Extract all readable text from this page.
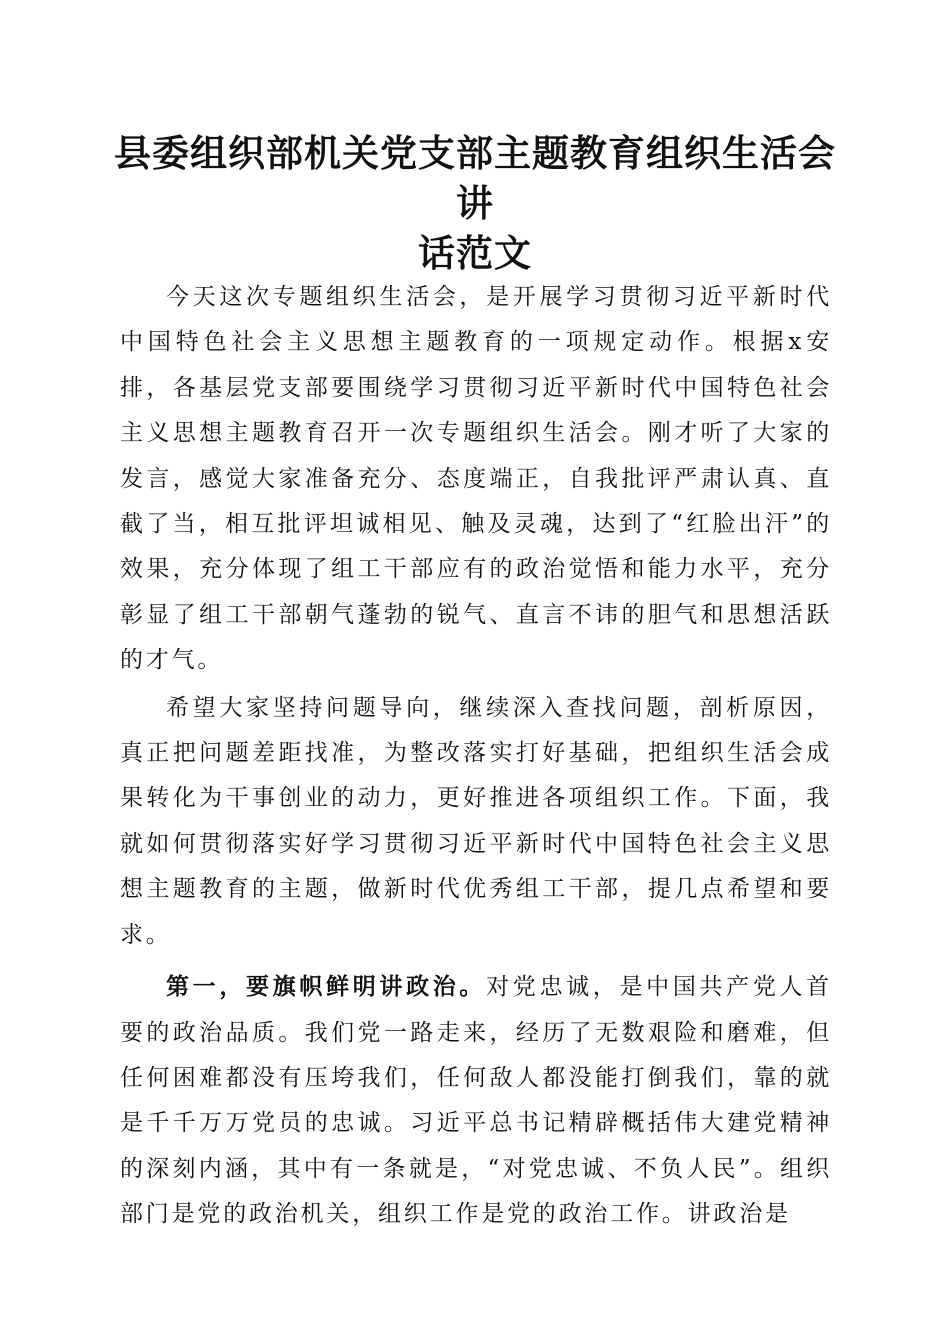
县委组织部机关党支部主题教育组织生活会讲
话范文

今天这次专题组织生活会，是开展学习贯彻习近平新时代中国特色社会主义思想主题教育的一项规定动作。根据x安排，各基层党支部要围绕学习贯彻习近平新时代中国特色社会主义思想主题教育召开一次专题组织生活会。刚才听了大家的发言，感觉大家准备充分、态度端正，自我批评严肃认真、直截了当，相互批评坦诚相见、触及灵魂，达到了“红脸出汗”的效果，充分体现了组工干部应有的政治觉悟和能力水平，充分彰显了组工干部朝气蓬勃的锐气、直言不讳的胆气和思想活跃的才气。

希望大家坚持问题导向，继续深入查找问题，剖析原因，真正把问题差距找准，为整改落实打好基础，把组织生活会成果转化为干事创业的动力，更好推进各项组织工作。下面，我就如何贯彻落实好学习贯彻习近平新时代中国特色社会主义思想主题教育的主题，做新时代优秀组工干部，提几点希望和要求。

第一，要旗帜鲜明讲政治。对党忠诚，是中国共产党人首要的政治品质。我们党一路走来，经历了无数艰险和磨难，但任何困难都没有压垮我们，任何敌人都没能打倒我们，靠的就是千千万万党员的忠诚。习近平总书记精辟概括伟大建党精神的深刻内涵，其中有一条就是，“对党忠诚、不负人民”。组织部门是党的政治机关，组织工作是党的政治工作。讲政治是
